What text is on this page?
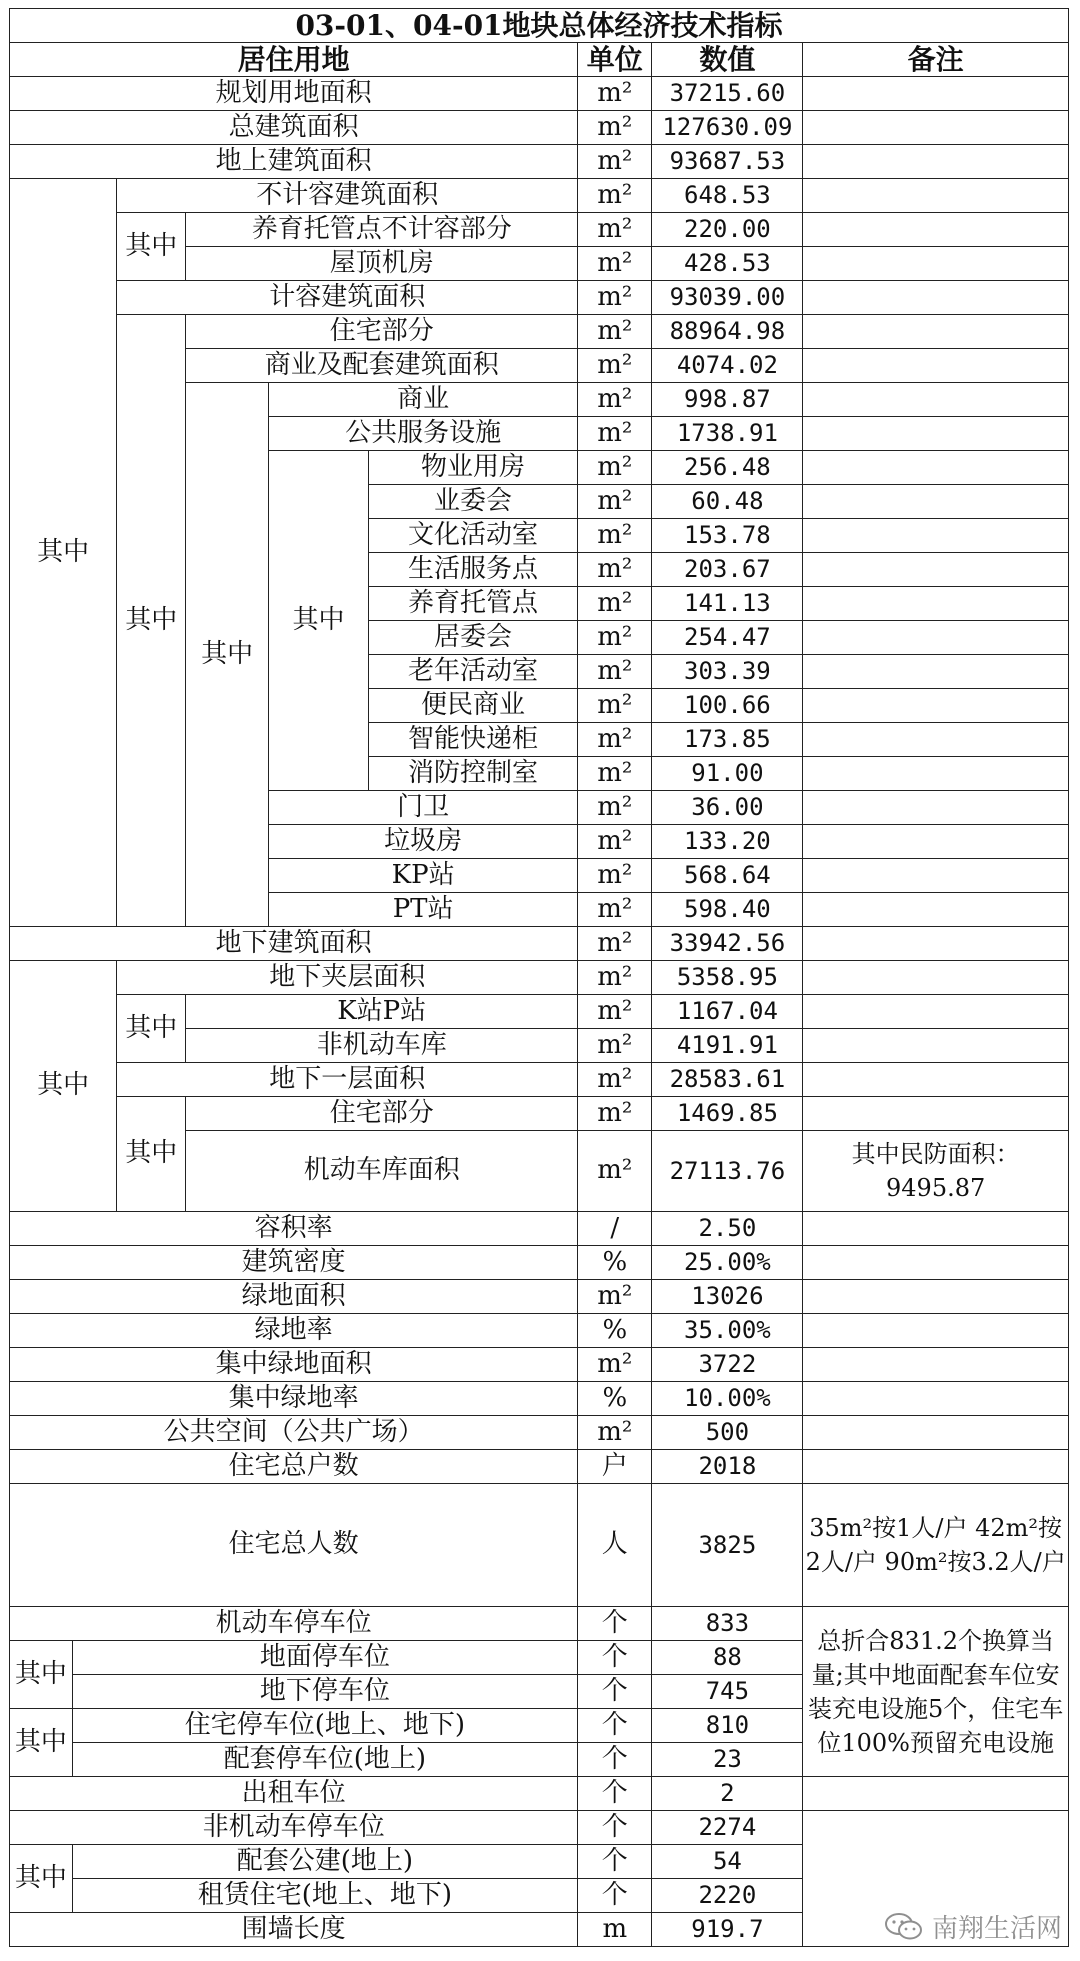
03-01、04-01地块总体经济技术指标								
居住用地						单位	数值	备注
规划用地面积						m²	37215.60	
总建筑面积						m²	127630.09	
地上建筑面积						m²	93687.53	
其中		不计容建筑面积				m²	648.53	
		其中	养育托管点不计容部分			m²	220.00	
			屋顶机房			m²	428.53	
		计容建筑面积				m²	93039.00	
		其中	住宅部分			m²	88964.98	
			商业及配套建筑面积			m²	4074.02	
			其中	商业		m²	998.87	
				公共服务设施		m²	1738.91	
				其中	物业用房	m²	256.48	
					业委会	m²	60.48	
					文化活动室	m²	153.78	
					生活服务点	m²	203.67	
					养育托管点	m²	141.13	
					居委会	m²	254.47	
					老年活动室	m²	303.39	
					便民商业	m²	100.66	
					智能快递柜	m²	173.85	
					消防控制室	m²	91.00	
				门卫		m²	36.00	
				垃圾房		m²	133.20	
				KP站		m²	568.64	
				PT站		m²	598.40	
地下建筑面积						m²	33942.56	
其中		地下夹层面积				m²	5358.95	
		其中	K站P站			m²	1167.04	
			非机动车库			m²	4191.91	
		地下一层面积				m²	28583.61	
		其中	住宅部分			m²	1469.85	
			机动车库面积			m²	27113.76	其中民防面积：9495.87
容积率						/	2.50	
建筑密度						%	25.00%	
绿地面积						m²	13026	
绿地率						%	35.00%	
集中绿地面积						m²	3722	
集中绿地率						%	10.00%	
公共空间（公共广场）						m²	500	
住宅总户数						户	2018	
住宅总人数						人	3825	35m²按1人/户 42m²按2人/户 90m²按3.2人/户
机动车停车位						个	833	总折合831.2个换算当量;其中地面配套车位安装充电设施5个，住宅车位100%预留充电设施
其中	地面停车位					个	88	
	地下停车位					个	745	
其中	住宅停车位(地上、地下)					个	810	
	配套停车位(地上)					个	23	
出租车位						个	2	
非机动车停车位						个	2274	
其中	配套公建(地上)					个	54	
	租赁住宅(地上、地下)					个	2220	
围墙长度						m	919.7		南翔生活网
